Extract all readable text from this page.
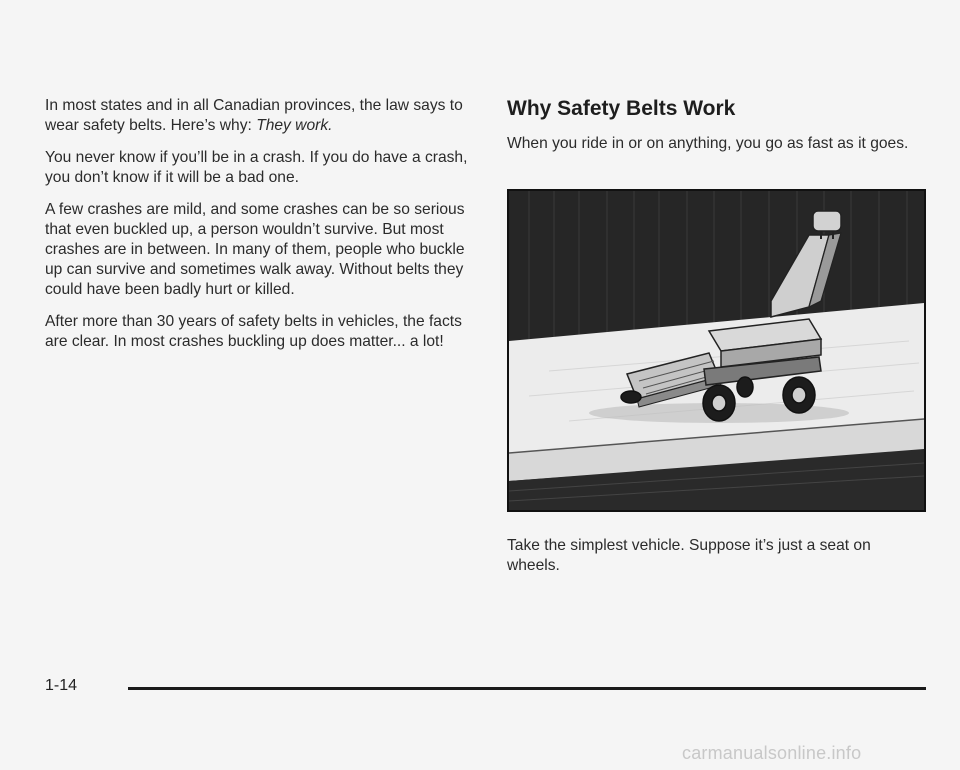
In most states and in all Canadian provinces, the law says to wear safety belts. Here’s why: They work.

You never know if you’ll be in a crash. If you do have a crash, you don’t know if it will be a bad one.

A few crashes are mild, and some crashes can be so serious that even buckled up, a person wouldn’t survive. But most crashes are in between. In many of them, people who buckle up can survive and sometimes walk away. Without belts they could have been badly hurt or killed.

After more than 30 years of safety belts in vehicles, the facts are clear. In most crashes buckling up does matter... a lot!

Why Safety Belts Work

When you ride in or on anything, you go as fast as it goes.

Take the simplest vehicle. Suppose it’s just a seat on wheels.

1-14
carmanualsonline.info
